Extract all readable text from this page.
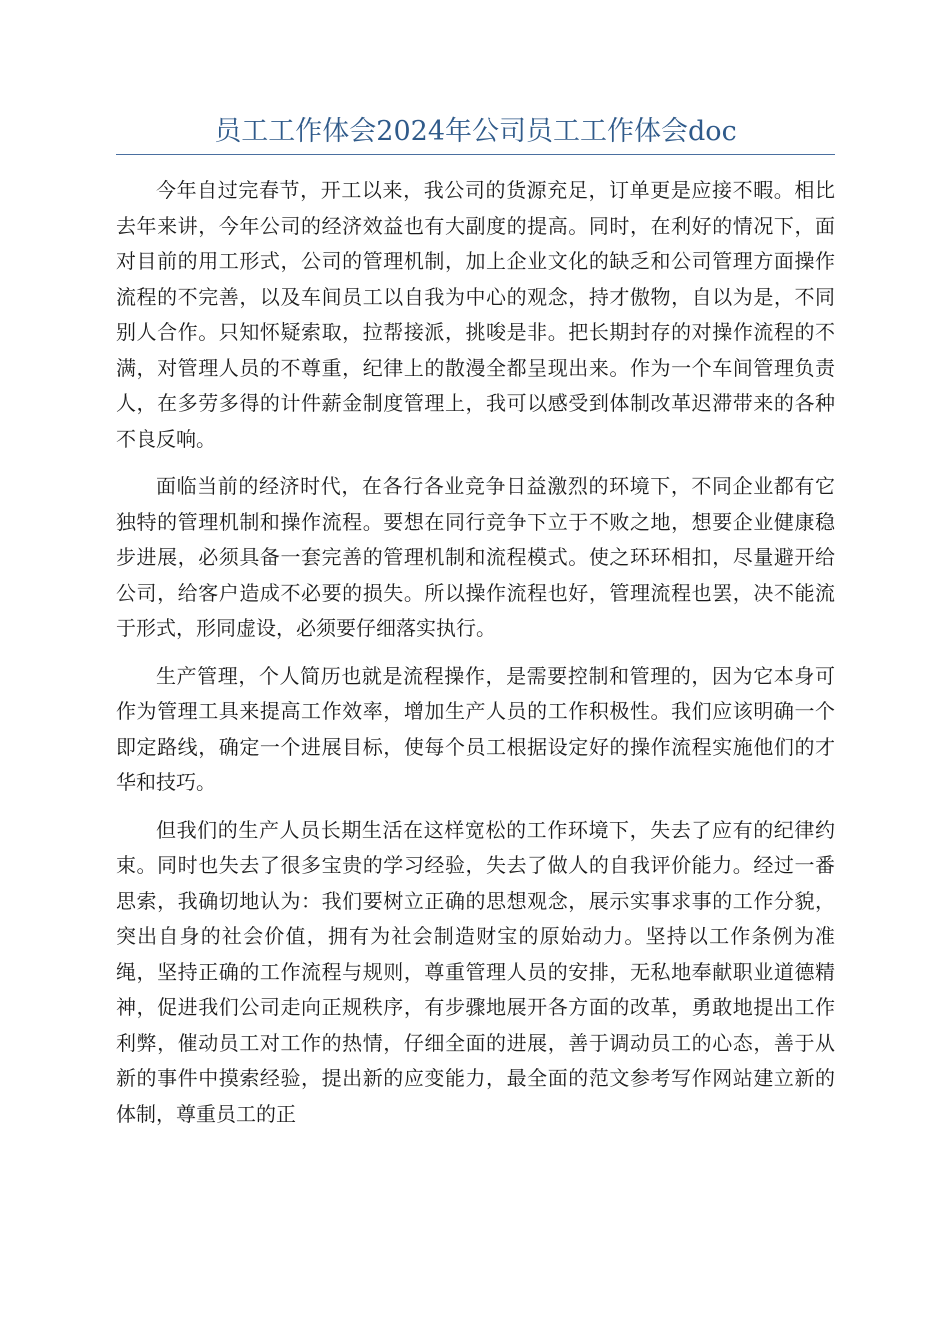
员工工作体会2024年公司员工工作体会doc

今年自过完春节，开工以来，我公司的货源充足，订单更是应接不暇。相比去年来讲，今年公司的经济效益也有大副度的提高。同时，在利好的情况下，面对目前的用工形式，公司的管理机制，加上企业文化的缺乏和公司管理方面操作流程的不完善，以及车间员工以自我为中心的观念，持才傲物，自以为是，不同别人合作。只知怀疑索取，拉帮接派，挑唆是非。把长期封存的对操作流程的不满，对管理人员的不尊重，纪律上的散漫全都呈现出来。作为一个车间管理负责人，在多劳多得的计件薪金制度管理上，我可以感受到体制改革迟滞带来的各种不良反响。

面临当前的经济时代，在各行各业竞争日益激烈的环境下，不同企业都有它独特的管理机制和操作流程。要想在同行竞争下立于不败之地，想要企业健康稳步进展，必须具备一套完善的管理机制和流程模式。使之环环相扣，尽量避开给公司，给客户造成不必要的损失。所以操作流程也好，管理流程也罢，决不能流于形式，形同虚设，必须要仔细落实执行。

生产管理，个人简历也就是流程操作，是需要控制和管理的，因为它本身可作为管理工具来提高工作效率，增加生产人员的工作积极性。我们应该明确一个即定路线，确定一个进展目标，使每个员工根据设定好的操作流程实施他们的才华和技巧。

但我们的生产人员长期生活在这样宽松的工作环境下，失去了应有的纪律约束。同时也失去了很多宝贵的学习经验，失去了做人的自我评价能力。经过一番思索，我确切地认为：我们要树立正确的思想观念，展示实事求事的工作分貌，突出自身的社会价值，拥有为社会制造财宝的原始动力。坚持以工作条例为准绳，坚持正确的工作流程与规则，尊重管理人员的安排，无私地奉献职业道德精神，促进我们公司走向正规秩序，有步骤地展开各方面的改革，勇敢地提出工作利弊，催动员工对工作的热情，仔细全面的进展，善于调动员工的心态，善于从新的事件中摸索经验，提出新的应变能力，最全面的范文参考写作网站建立新的体制，尊重员工的正
